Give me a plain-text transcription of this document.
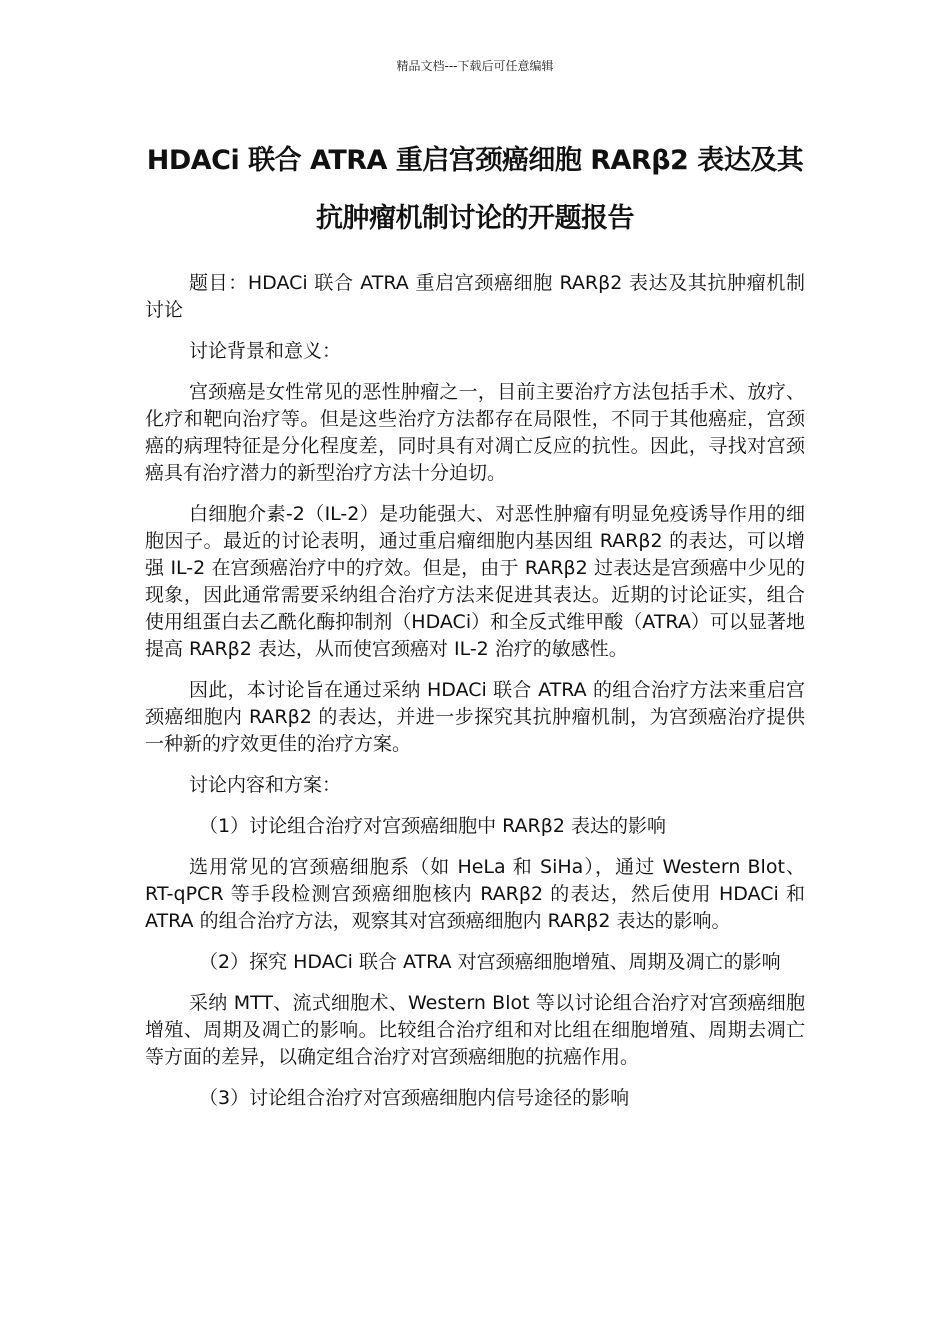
精品文档---下载后可任意编辑
HDACi 联合 ATRA 重启宫颈癌细胞 RARβ2 表达及其
抗肿瘤机制讨论的开题报告

题目：HDACi 联合 ATRA 重启宫颈癌细胞 RARβ2 表达及其抗肿瘤机制讨论

讨论背景和意义：

宫颈癌是女性常见的恶性肿瘤之一，目前主要治疗方法包括手术、放疗、化疗和靶向治疗等。但是这些治疗方法都存在局限性，不同于其他癌症，宫颈癌的病理特征是分化程度差，同时具有对凋亡反应的抗性。因此，寻找对宫颈癌具有治疗潜力的新型治疗方法十分迫切。

白细胞介素-2（IL-2）是功能强大、对恶性肿瘤有明显免疫诱导作用的细胞因子。最近的讨论表明，通过重启瘤细胞内基因组 RARβ2 的表达，可以增强 IL-2 在宫颈癌治疗中的疗效。但是，由于 RARβ2 过表达是宫颈癌中少见的现象，因此通常需要采纳组合治疗方法来促进其表达。近期的讨论证实，组合使用组蛋白去乙酰化酶抑制剂（HDACi）和全反式维甲酸（ATRA）可以显著地提高 RARβ2 表达，从而使宫颈癌对 IL-2 治疗的敏感性。

因此，本讨论旨在通过采纳 HDACi 联合 ATRA 的组合治疗方法来重启宫颈癌细胞内 RARβ2 的表达，并进一步探究其抗肿瘤机制，为宫颈癌治疗提供一种新的疗效更佳的治疗方案。

讨论内容和方案：

（1）讨论组合治疗对宫颈癌细胞中 RARβ2 表达的影响

选用常见的宫颈癌细胞系（如 HeLa 和 SiHa），通过 Western Blot、RT-qPCR 等手段检测宫颈癌细胞核内 RARβ2 的表达，然后使用 HDACi 和 ATRA 的组合治疗方法，观察其对宫颈癌细胞内 RARβ2 表达的影响。

（2）探究 HDACi 联合 ATRA 对宫颈癌细胞增殖、周期及凋亡的影响

采纳 MTT、流式细胞术、Western Blot 等以讨论组合治疗对宫颈癌细胞增殖、周期及凋亡的影响。比较组合治疗组和对比组在细胞增殖、周期去凋亡等方面的差异，以确定组合治疗对宫颈癌细胞的抗癌作用。

（3）讨论组合治疗对宫颈癌细胞内信号途径的影响
